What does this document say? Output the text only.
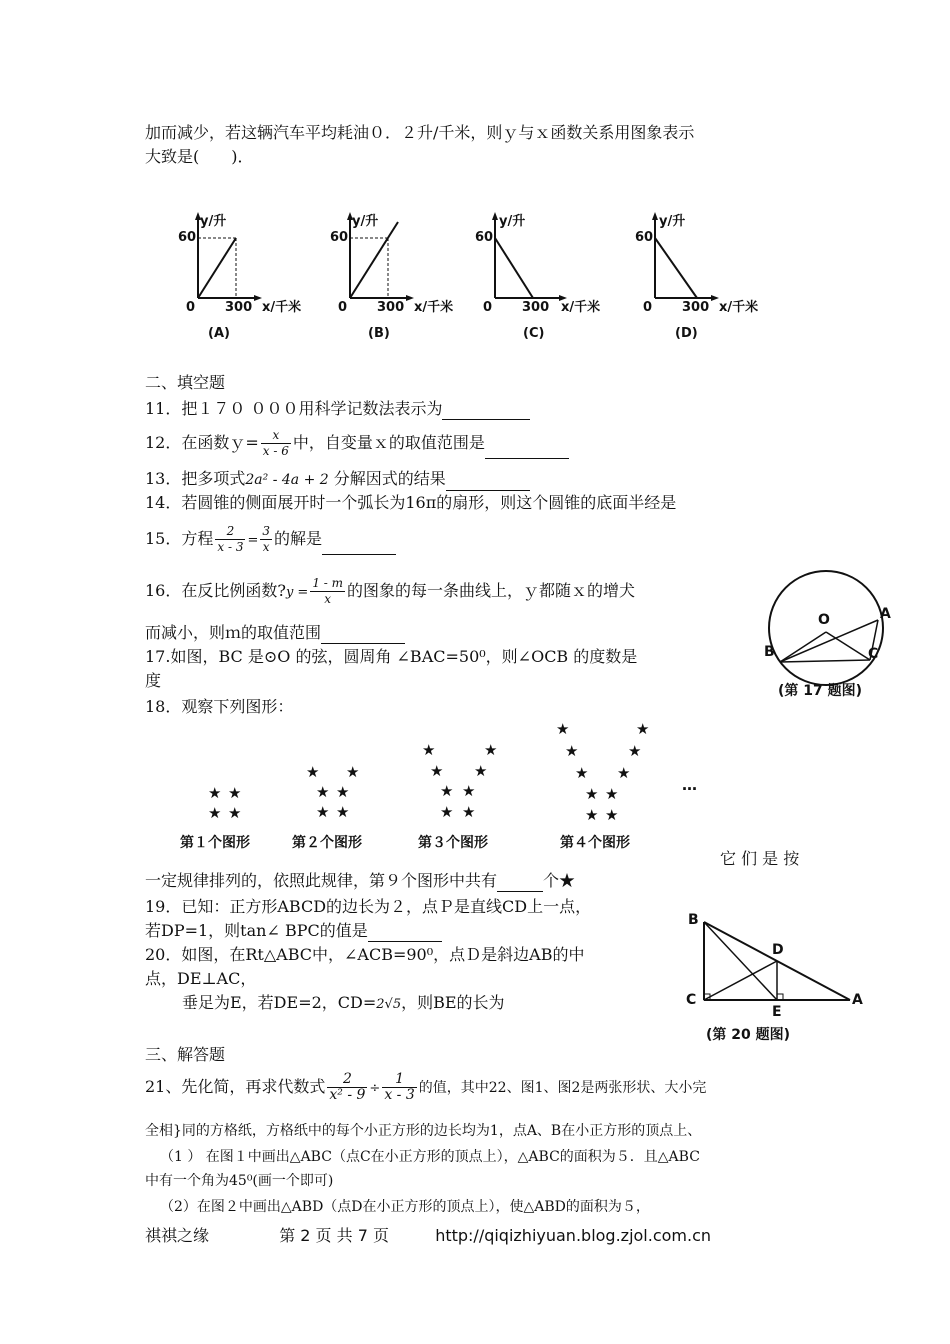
加而减少，若这辆汽车平均耗油０．２升/千米，则ｙ与ｘ函数关系用图象表示
大致是(　　)．
y/升
60
0 300 x/千米
(A)
y/升
60
0 300 x/千米
(B)
y/升
60
0 300 x/千米
(C)
y/升
60
0 300 x/千米
(D)
二、填空题
11．把１７０ ０００用科学记数法表示为
12．在函数ｙ= $\frac{x}{x - 6}$ 中，自变量ｘ的取值范围是
13．把多项式2a² - 4a + 2 分解因式的结果
14．若圆锥的侧面展开时一个弧长为16π的扇形，则这个圆锥的底面半经是
15．方程 $\frac{2}{x - 3} = \frac{3}{x}$ 的解是
16．在反比例函数?y = $\frac{1 - m}{x}$ 的图象的每一条曲线上，ｙ都随ｘ的增犬
而减小，则ｍ的取值范围
17.如图，BC 是⊙O 的弦，圆周角 ∠BAC=50⁰，则∠OCB 的度数是
度
O	A
B	C
(第 17 题图)
18．观察下列图形：
★ ★
★ ★
★ ★
★ ★
★ ★
★	★
★ ★
★ ★
★ ★
★	★
★	★
★ ★
★ ★
★ ★
…
第１个图形	第２个图形	第３个图形	第４个图形
它 们 是 按
一定规律排列的，依照此规律，第９个图形中共有	个★
19．已知：正方形ABCD的边长为２，点Ｐ是直线CD上一点，
若DP=1，则tan∠ BPC的值是
20．如图，在Rt△ABC中，∠ACB=90⁰，点Ｄ是斜边AB的中
点，DE⊥AC，
垂足为E，若DE=2，CD=2√5，则BE的长为
B
D
C
E
A
(第 20 题图)
三、解答题
21、先化简，再求代数式 $\frac{2}{\text{x² - 9}} \div \frac{1}{x - 3}$ 的值，其中22、图1、图2是两张形状、大小完
全相}同的方格纸，方格纸中的每个小正方形的边长均为1，点A、B在小正方形的顶点上、
（1 ） 在图１中画出△ABC（点C在小正方形的顶点上），△ABC的面积为５．且△ABC
中有一个角为45⁰(画一个即可)
（2）在图２中画出△ABD（点D在小正方形的顶点上），使△ABD的面积为５，
祺祺之缘	第 2 页 共 7 页	http://qiqizhiyuan.blog.zjol.com.cn
